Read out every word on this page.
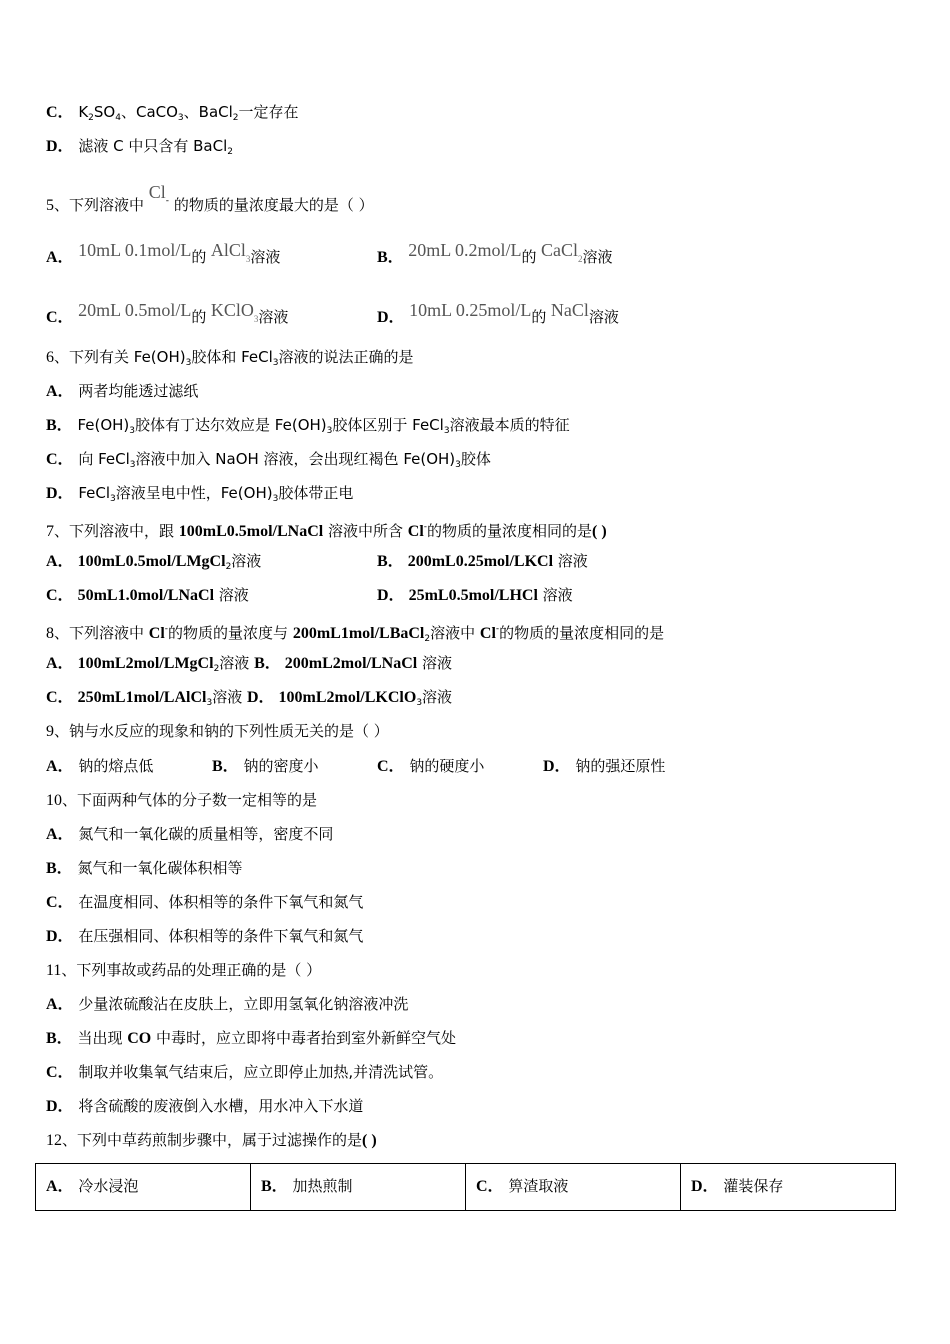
C． $K_2SO_4$、CaCO$_3$、BaCl$_2$一定存在
D． 滤液 C 中只含有 BaCl$_2$
5、下列溶液中 Cl- 的物质的量浓度最大的是（ ）
A． 10mL 0.1mol/L的 AlCl3溶液	B． 20mL 0.2mol/L的 CaCl2溶液
C． 20mL 0.5mol/L的 KClO3溶液	D． 10mL 0.25mol/L的 NaCl溶液
6、下列有关 $Fe(OH)_3$胶体和 FeCl$_3$溶液的说法正确的是
A． 两者均能透过滤纸
B． $Fe(OH)_3$胶体有丁达尔效应是 $Fe(OH)_3$胶体区别于 FeCl$_3$溶液最本质的特征
C． 向 FeCl$_3$溶液中加入 NaOH 溶液，会出现红褐色 $Fe(OH)_3$胶体
D． FeCl$_3$溶液呈电中性，$Fe(OH)_3$胶体带正电
7、下列溶液中，跟 100mL0.5mol/LNaCl 溶液中所含 Cl-的物质的量浓度相同的是( )
A． 100mL0.5mol/LMgCl$_2$溶液	B． 200mL0.25mol/LKCl 溶液
C． 50mL1.0mol/LNaCl 溶液	D． 25mL0.5mol/LHCl 溶液
8、下列溶液中 Cl-的物质的量浓度与 200mL1mol/LBaCl$_2$溶液中 Cl-的物质的量浓度相同的是
A． 100mL2mol/LMgCl$_2$溶液 B． 200mL2mol/LNaCl 溶液
C． 250mL1mol/LAlCl$_3$溶液 D． 100mL2mol/LKClO$_3$溶液
9、钠与水反应的现象和钠的下列性质无关的是（ ）
A． 钠的熔点低	B． 钠的密度小	C． 钠的硬度小	D． 钠的强还原性
10、下面两种气体的分子数一定相等的是
A． 氮气和一氧化碳的质量相等，密度不同
B． 氮气和一氧化碳体积相等
C． 在温度相同、体积相等的条件下氧气和氮气
D． 在压强相同、体积相等的条件下氧气和氮气
11、下列事故或药品的处理正确的是（ ）
A． 少量浓硫酸沾在皮肤上，立即用氢氧化钠溶液冲洗
B． 当出现 CO 中毒时，应立即将中毒者抬到室外新鲜空气处
C． 制取并收集氧气结束后，应立即停止加热,并清洗试管。
D． 将含硫酸的废液倒入水槽，用水冲入下水道
12、下列中草药煎制步骤中，属于过滤操作的是( )
A． 冷水浸泡	B． 加热煎制	C． 箅渣取液	D． 灌装保存
